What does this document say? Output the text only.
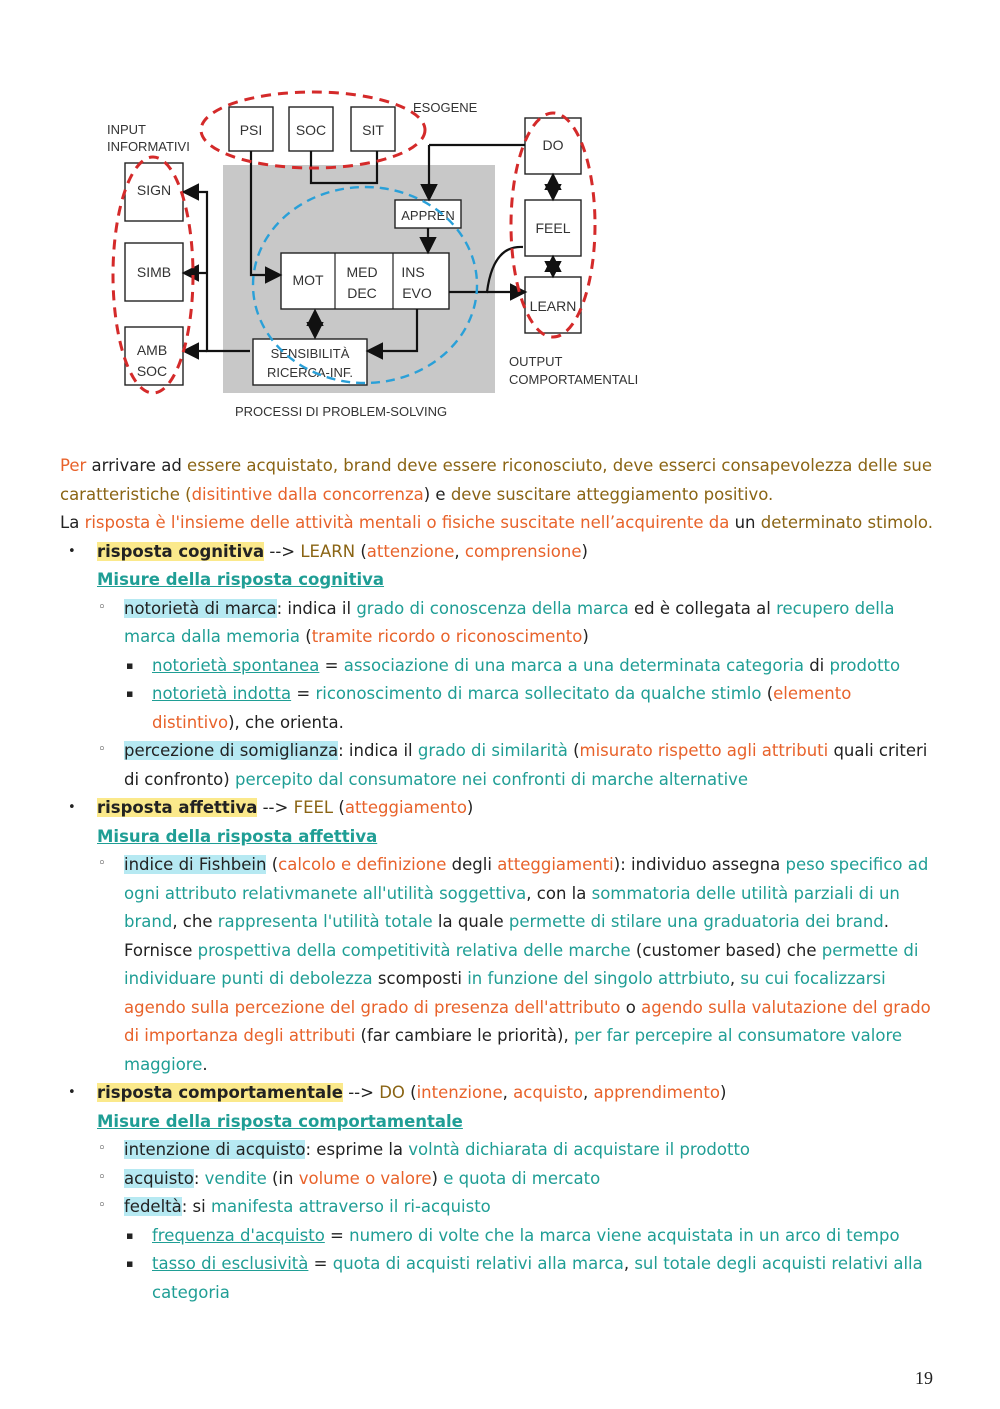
INPUT
INFORMATIVI
ESOGENE
PSI SOC	SIT
SIGN
SIMB
AMB
SOC
DO
FEEL
LEARN
APPREN
MOT MED
DEC
INS
EVO
SENSIBILITÀ
RICERCA-INF.
OUTPUT
COMPORTAMENTALI
PROCESSI DI PROBLEM-SOLVING
Per arrivare ad essere acquistato, brand deve essere riconosciuto, deve esserci consapevolezza delle sue
caratteristiche (disitintive dalla concorrenza) e deve suscitare atteggiamento positivo.
La risposta è l'insieme delle attività mentali o fisiche suscitate nell’acquirente da un determinato stimolo.
• risposta cognitiva --> LEARN (attenzione, comprensione)
Misure della risposta cognitiva
◦ notorietà di marca: indica il grado di conoscenza della marca ed è collegata al recupero della
marca dalla memoria (tramite ricordo o riconoscimento)
▪ notorietà spontanea = associazione di una marca a una determinata categoria di prodotto
▪ notorietà indotta = riconoscimento di marca sollecitato da qualche stimlo (elemento
distintivo), che orienta.
◦ percezione di somiglianza: indica il grado di similarità (misurato rispetto agli attributi quali criteri
di confronto) percepito dal consumatore nei confronti di marche alternative
• risposta affettiva --> FEEL (atteggiamento)
Misura della risposta affettiva
◦ indice di Fishbein (calcolo e definizione degli atteggiamenti): individuo assegna peso specifico ad
ogni attributo relativmanete all'utilità soggettiva, con la sommatoria delle utilità parziali di un
brand, che rappresenta l'utilità totale la quale permette di stilare una graduatoria dei brand.
Fornisce prospettiva della competitività relativa delle marche (customer based) che permette di
individuare punti di debolezza scomposti in funzione del singolo attrbiuto, su cui focalizzarsi
agendo sulla percezione del grado di presenza dell'attributo o agendo sulla valutazione del grado
di importanza degli attributi (far cambiare le priorità), per far percepire al consumatore valore
maggiore.
• risposta comportamentale --> DO (intenzione, acquisto, apprendimento)
Misure della risposta comportamentale
◦ intenzione di acquisto: esprime la volntà dichiarata di acquistare il prodotto
◦ acquisto: vendite (in volume o valore) e quota di mercato
◦ fedeltà: si manifesta attraverso il ri-acquisto
▪ frequenza d'acquisto = numero di volte che la marca viene acquistata in un arco di tempo
▪ tasso di esclusività = quota di acquisti relativi alla marca, sul totale degli acquisti relativi alla
categoria
19
